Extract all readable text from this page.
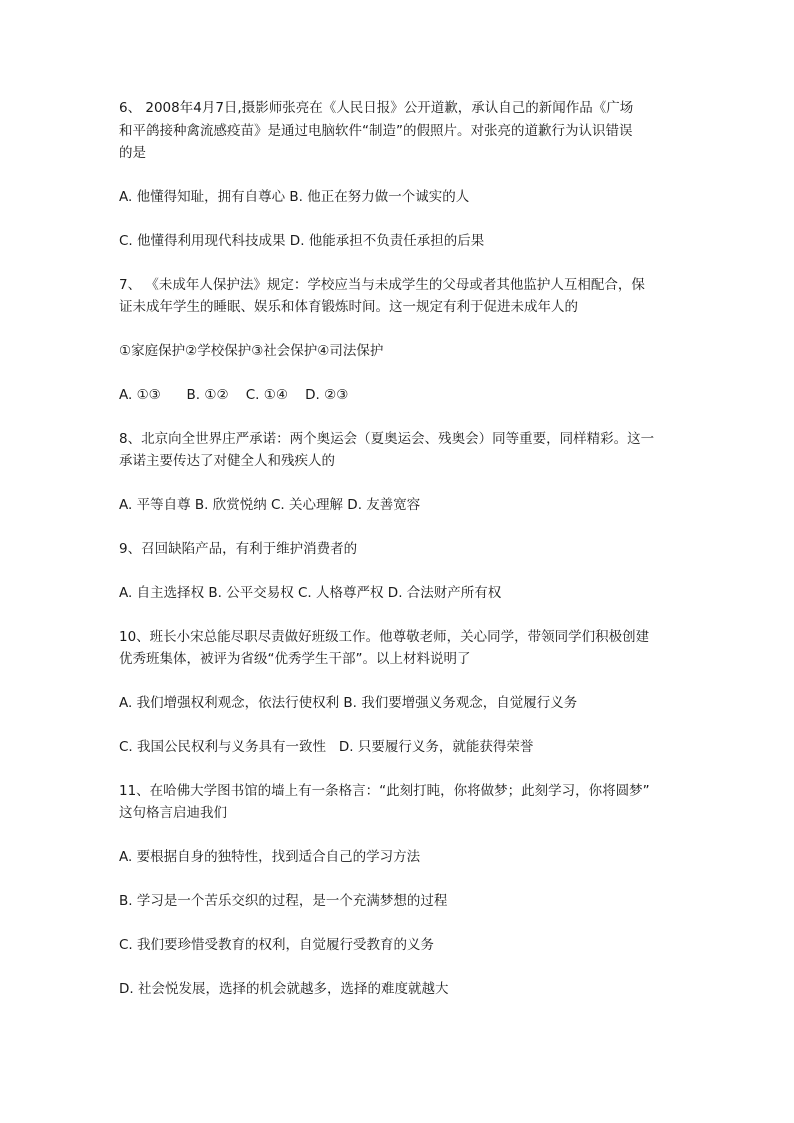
6、 2008年4月7日,摄影师张亮在《人民日报》公开道歉，承认自己的新闻作品《广场
和平鸽接种禽流感疫苗》是通过电脑软件“制造”的假照片。对张亮的道歉行为认识错误
的是
A. 他懂得知耻，拥有自尊心 B. 他正在努力做一个诚实的人
C. 他懂得利用现代科技成果 D. 他能承担不负责任承担的后果
7、 《未成年人保护法》规定：学校应当与未成学生的父母或者其他监护人互相配合，保
证未成年学生的睡眠、娱乐和体育锻炼时间。这一规定有利于促进未成年人的
①家庭保护②学校保护③社会保护④司法保护
A. ①③      B. ①②    C. ①④    D. ②③
8、北京向全世界庄严承诺：两个奥运会（夏奥运会、残奥会）同等重要，同样精彩。这一
承诺主要传达了对健全人和残疾人的
A. 平等自尊 B. 欣赏悦纳 C. 关心理解 D. 友善宽容
9、召回缺陷产品，有利于维护消费者的
A. 自主选择权 B. 公平交易权 C. 人格尊严权 D. 合法财产所有权
10、班长小宋总能尽职尽责做好班级工作。他尊敬老师，关心同学，带领同学们积极创建
优秀班集体，被评为省级“优秀学生干部”。以上材料说明了
A. 我们增强权利观念，依法行使权利 B. 我们要增强义务观念，自觉履行义务
C. 我国公民权利与义务具有一致性   D. 只要履行义务，就能获得荣誉
11、在哈佛大学图书馆的墙上有一条格言：“此刻打盹，你将做梦；此刻学习，你将圆梦”
这句格言启迪我们
A. 要根据自身的独特性，找到适合自己的学习方法
B. 学习是一个苦乐交织的过程，是一个充满梦想的过程
C. 我们要珍惜受教育的权利，自觉履行受教育的义务
D. 社会悦发展，选择的机会就越多，选择的难度就越大
